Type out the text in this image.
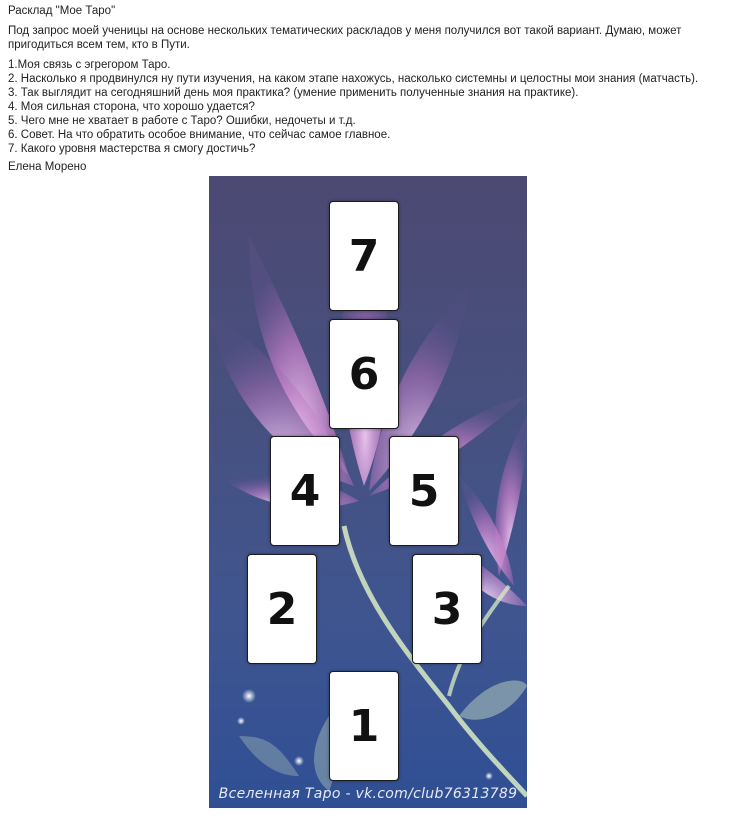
Расклад "Мое Таро"

Под запрос моей ученицы на основе нескольких тематических раскладов у меня получился вот такой вариант. Думаю, может пригодиться всем тем, кто в Пути.

1.Моя связь с эгрегором Таро.
2. Насколько я продвинулся ну пути изучения, на каком этапе нахожусь, насколько системны и целостны мои знания (матчасть).
3. Так выглядит на сегодняшний день моя практика? (умение применить полученные знания на практике).
4. Моя сильная сторона, что хорошо удается?
5. Чего мне не хватает в работе с Таро? Ошибки, недочеты и т.д.
6. Совет. На что обратить особое внимание, что сейчас самое главное.
7. Какого уровня мастерства я смогу достичь?

Елена Морено

7
6
4	5
2	3
1
Вселенная Таро - vk.com/club76313789
